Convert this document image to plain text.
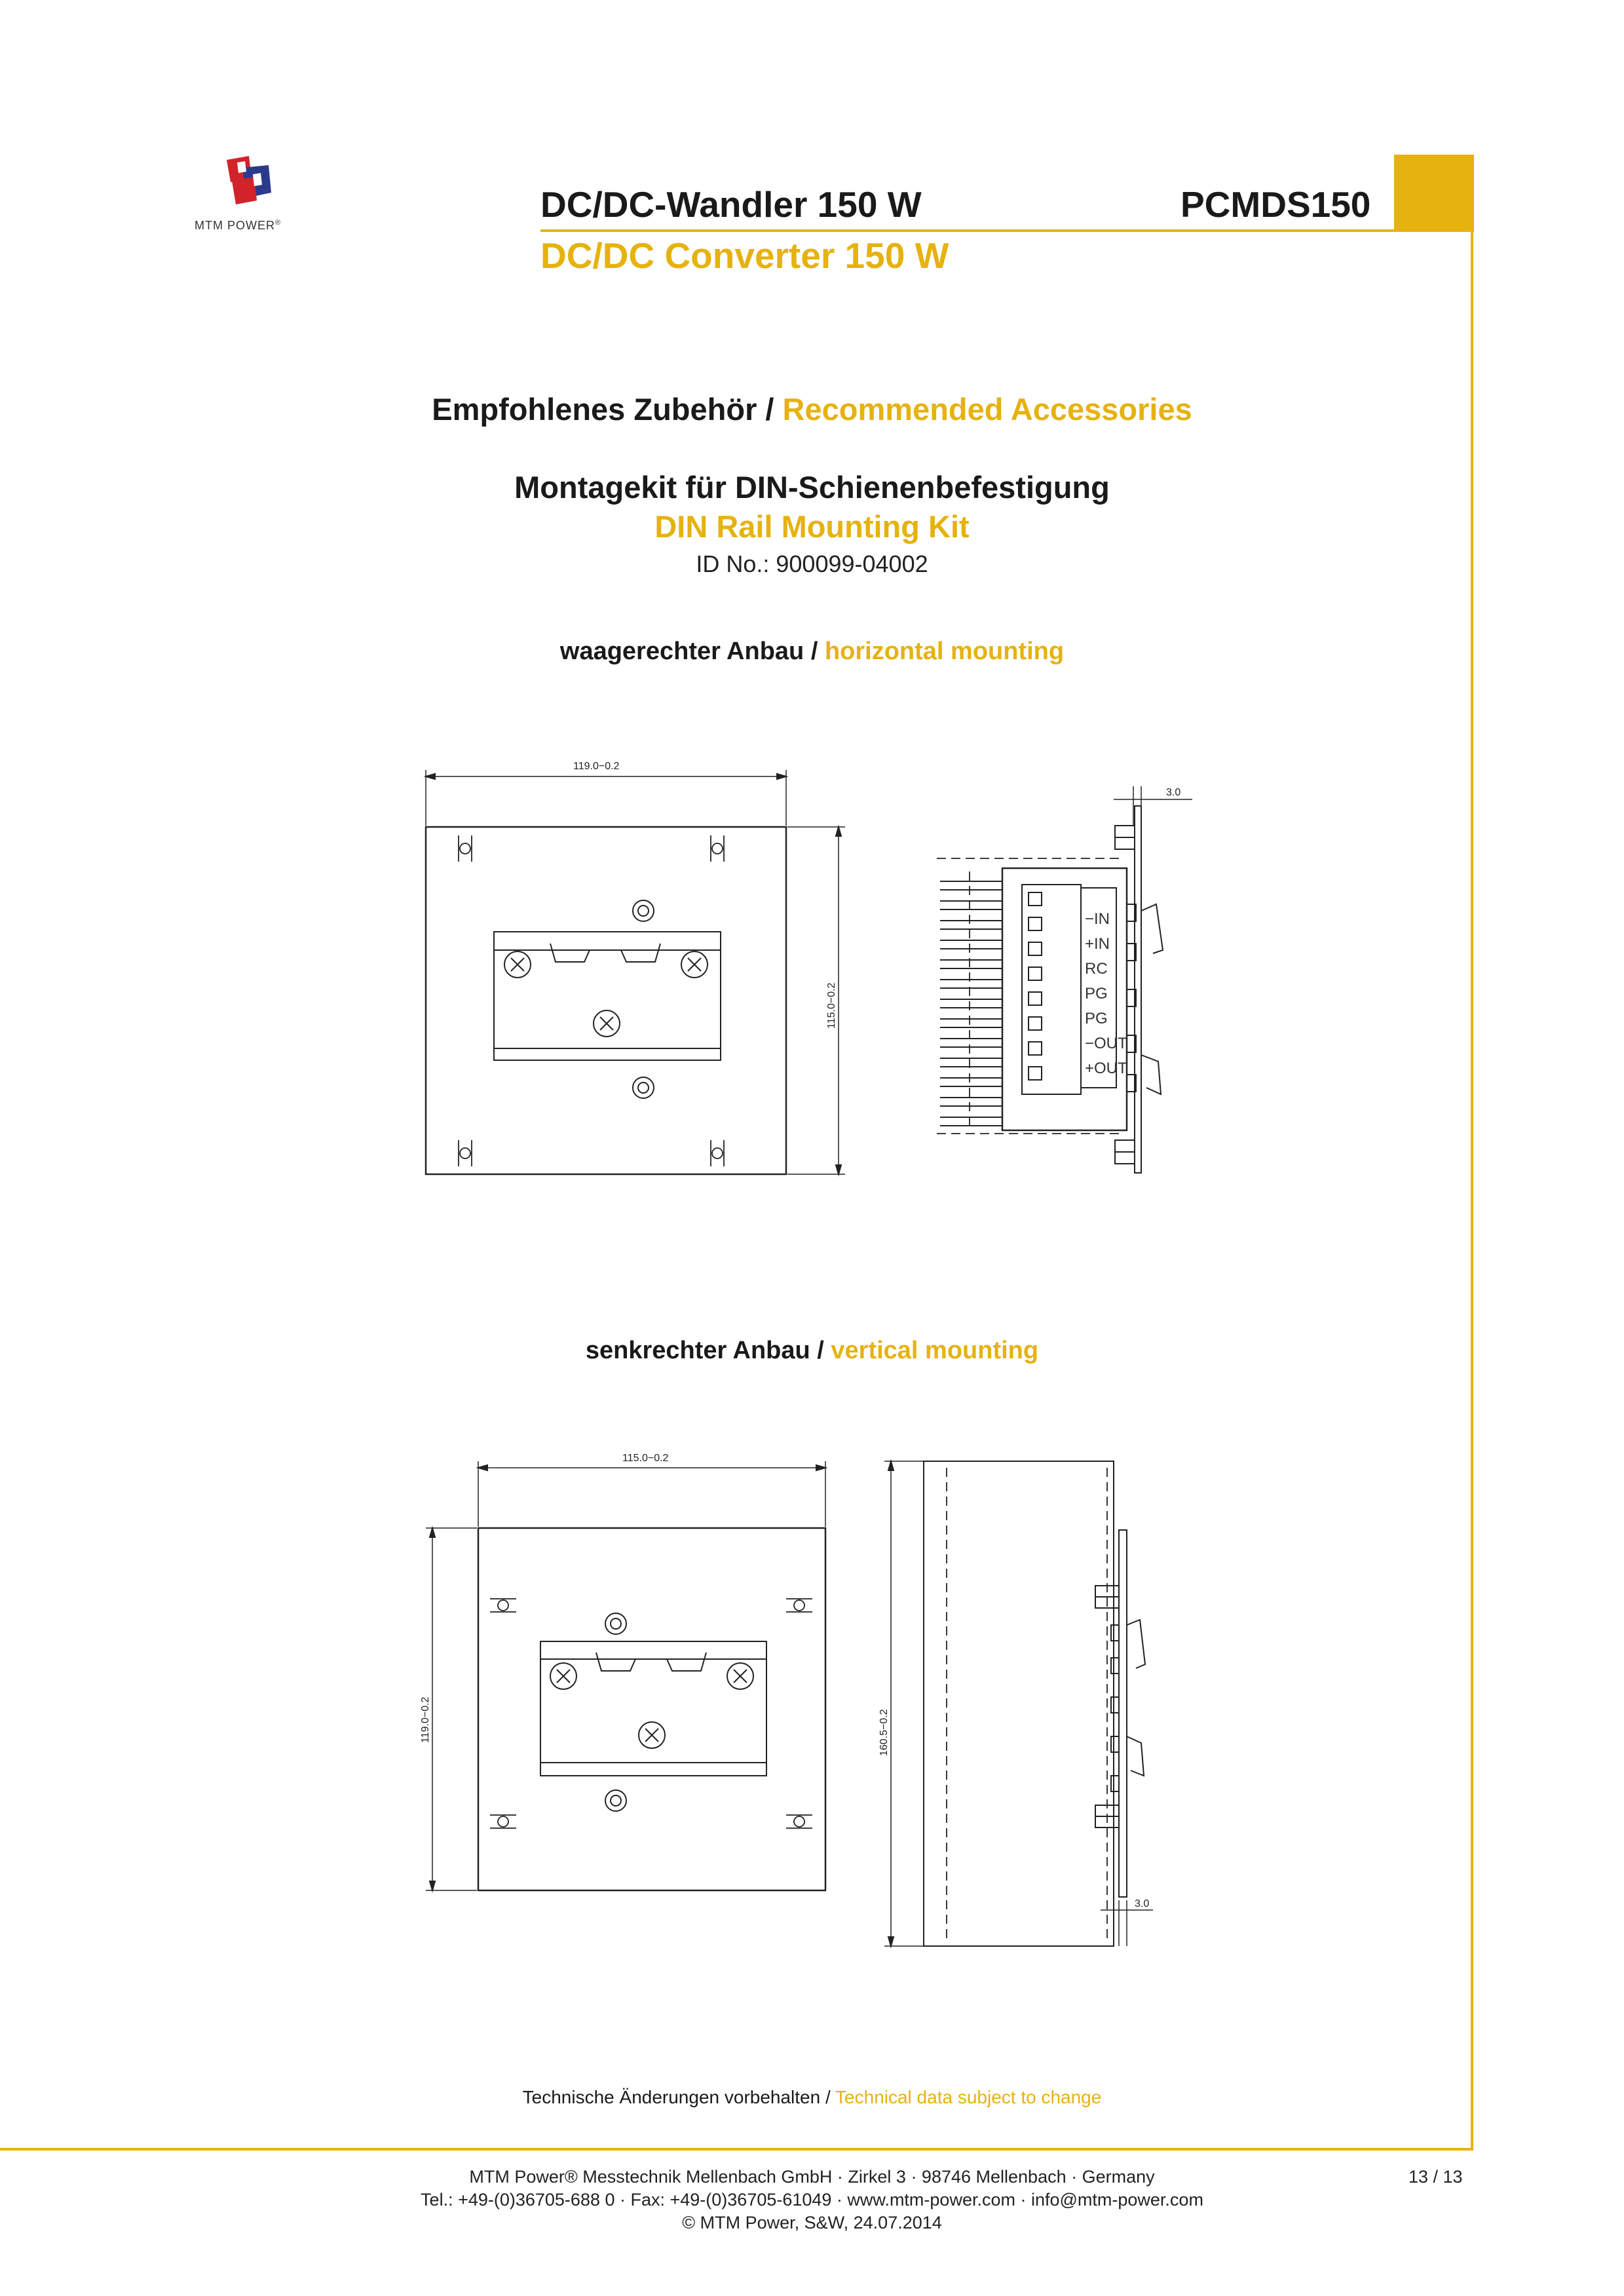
MTM POWER®	DC/DC-Wandler 150 W
DC/DC Converter 150 W
PCMDS150
Empfohlenes Zubehör / Recommended Accessories
Montagekit für DIN-Schienenbefestigung
DIN Rail Mounting Kit
ID No.: 900099-04002
waagerechter Anbau / horizontal mounting
119.0−0.2
115.0−0.2
3.0
−IN
+IN
RC
PG
PG
−OUT
+OUT
senkrechter Anbau / vertical mounting
115.0−0.2
119.0−0.2	160.5−0.2
3.0
Technische Änderungen vorbehalten / Technical data subject to change
MTM Power® Messtechnik Mellenbach GmbH · Zirkel 3 · 98746 Mellenbach · Germany
Tel.: +49-(0)36705-688 0 · Fax: +49-(0)36705-61049 · www.mtm-power.com · info@mtm-power.com
© MTM Power, S&W, 24.07.2014
13 / 13
